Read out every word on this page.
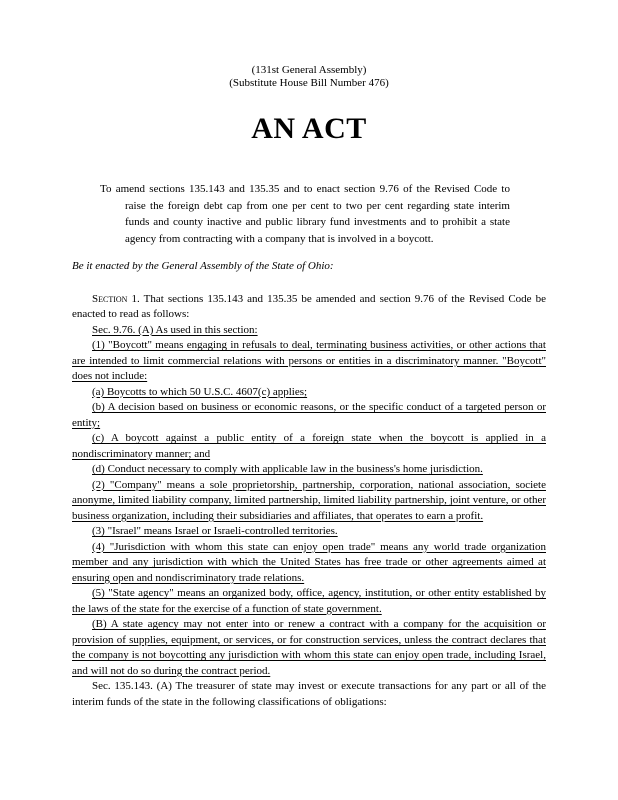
(131st General Assembly)
(Substitute House Bill Number 476)
AN ACT
To amend sections 135.143 and 135.35 and to enact section 9.76 of the Revised Code to raise the foreign debt cap from one per cent to two per cent regarding state interim funds and county inactive and public library fund investments and to prohibit a state agency from contracting with a company that is involved in a boycott.
Be it enacted by the General Assembly of the State of Ohio:

Section 1. That sections 135.143 and 135.35 be amended and section 9.76 of the Revised Code be enacted to read as follows:

Sec. 9.76. (A) As used in this section:

(1) "Boycott" means engaging in refusals to deal, terminating business activities, or other actions that are intended to limit commercial relations with persons or entities in a discriminatory manner. "Boycott" does not include:

(a) Boycotts to which 50 U.S.C. 4607(c) applies;

(b) A decision based on business or economic reasons, or the specific conduct of a targeted person or entity;

(c) A boycott against a public entity of a foreign state when the boycott is applied in a nondiscriminatory manner; and

(d) Conduct necessary to comply with applicable law in the business's home jurisdiction.

(2) "Company" means a sole proprietorship, partnership, corporation, national association, societe anonyme, limited liability company, limited partnership, limited liability partnership, joint venture, or other business organization, including their subsidiaries and affiliates, that operates to earn a profit.

(3) "Israel" means Israel or Israeli-controlled territories.

(4) "Jurisdiction with whom this state can enjoy open trade" means any world trade organization member and any jurisdiction with which the United States has free trade or other agreements aimed at ensuring open and nondiscriminatory trade relations.

(5) "State agency" means an organized body, office, agency, institution, or other entity established by the laws of the state for the exercise of a function of state government.

(B) A state agency may not enter into or renew a contract with a company for the acquisition or provision of supplies, equipment, or services, or for construction services, unless the contract declares that the company is not boycotting any jurisdiction with whom this state can enjoy open trade, including Israel, and will not do so during the contract period.

Sec. 135.143. (A) The treasurer of state may invest or execute transactions for any part or all of the interim funds of the state in the following classifications of obligations:
